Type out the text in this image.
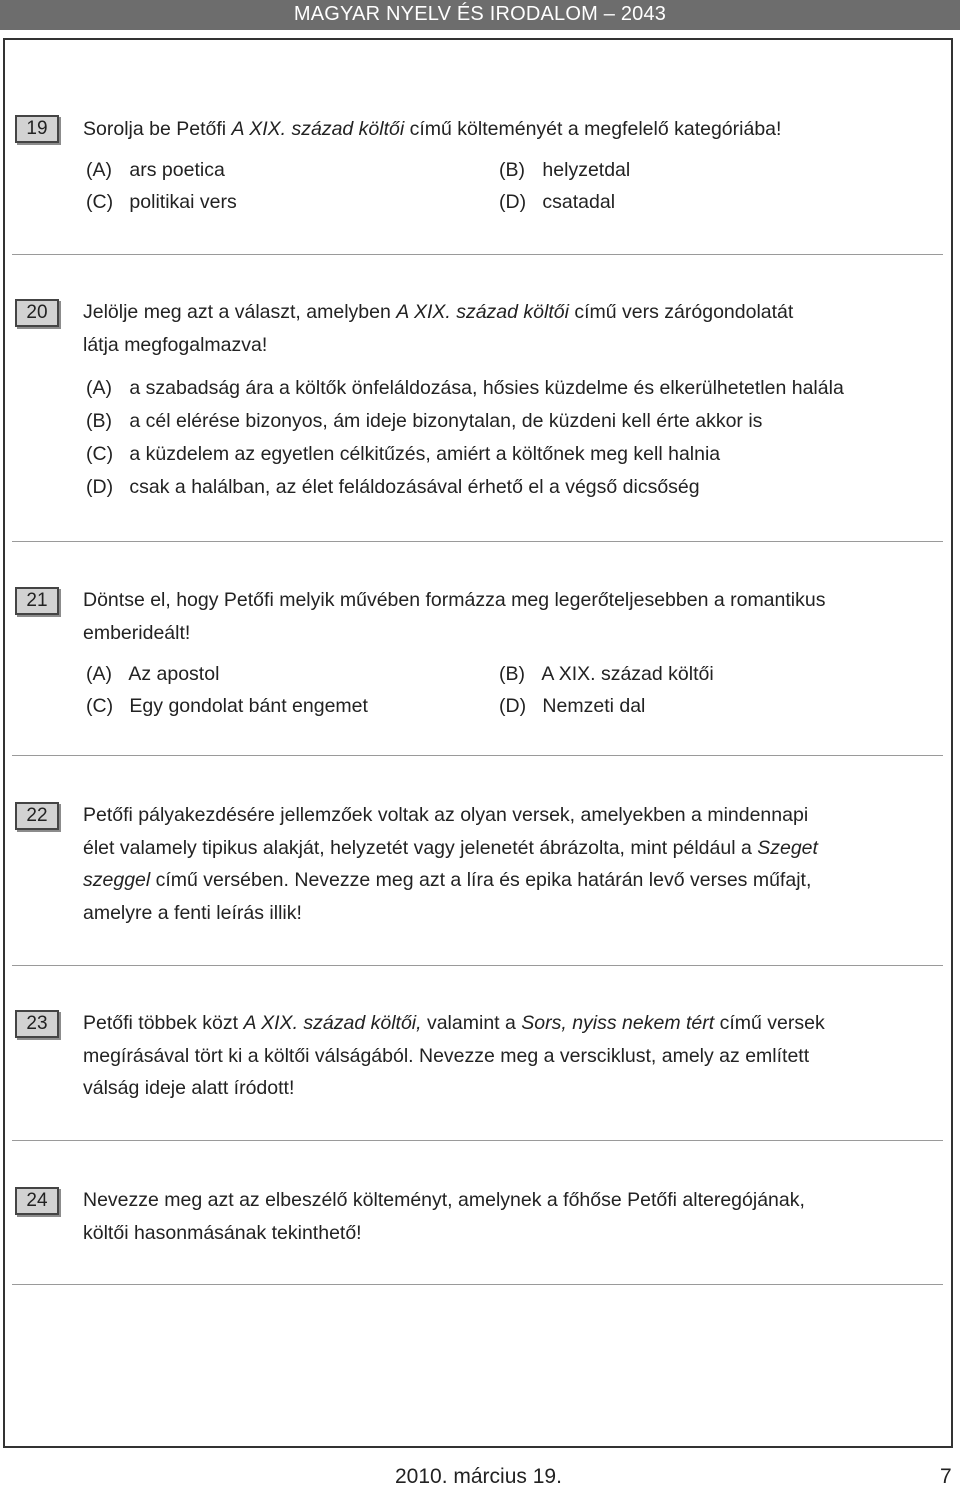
MAGYAR NYELV ÉS IRODALOM – 2043
19	Sorolja be Petőfi A XIX. század költői című költeményét a megfelelő kategóriába!
(A) ars poetica	(B) helyzetdal
(C) politikai vers	(D) csatadal
20	Jelölje meg azt a választ, amelyben A XIX. század költői című vers zárógondolatát
látja megfogalmazva!
(A) a szabadság ára a költők önfeláldozása, hősies küzdelme és elkerülhetetlen halála
(B) a cél elérése bizonyos, ám ideje bizonytalan, de küzdeni kell érte akkor is
(C) a küzdelem az egyetlen célkitűzés, amiért a költőnek meg kell halnia
(D) csak a halálban, az élet feláldozásával érhető el a végső dicsőség
21	Döntse el, hogy Petőfi melyik művében formázza meg legerőteljesebben a romantikus
emberideált!
(A) Az apostol	(B) A XIX. század költői
(C) Egy gondolat bánt engemet	(D) Nemzeti dal
22	Petőfi pályakezdésére jellemzőek voltak az olyan versek, amelyekben a mindennapi
élet valamely tipikus alakját, helyzetét vagy jelenetét ábrázolta, mint például a Szeget
szeggel című versében. Nevezze meg azt a líra és epika határán levő verses műfajt,
amelyre a fenti leírás illik!
23	Petőfi többek közt A XIX. század költői, valamint a Sors, nyiss nekem tért című versek
megírásával tört ki a költői válságából. Nevezze meg a versciklust, amely az említett
válság ideje alatt íródott!
24	Nevezze meg azt az elbeszélő költeményt, amelynek a főhőse Petőfi alteregójának,
költői hasonmásának tekinthető!
2010. március 19.	7
